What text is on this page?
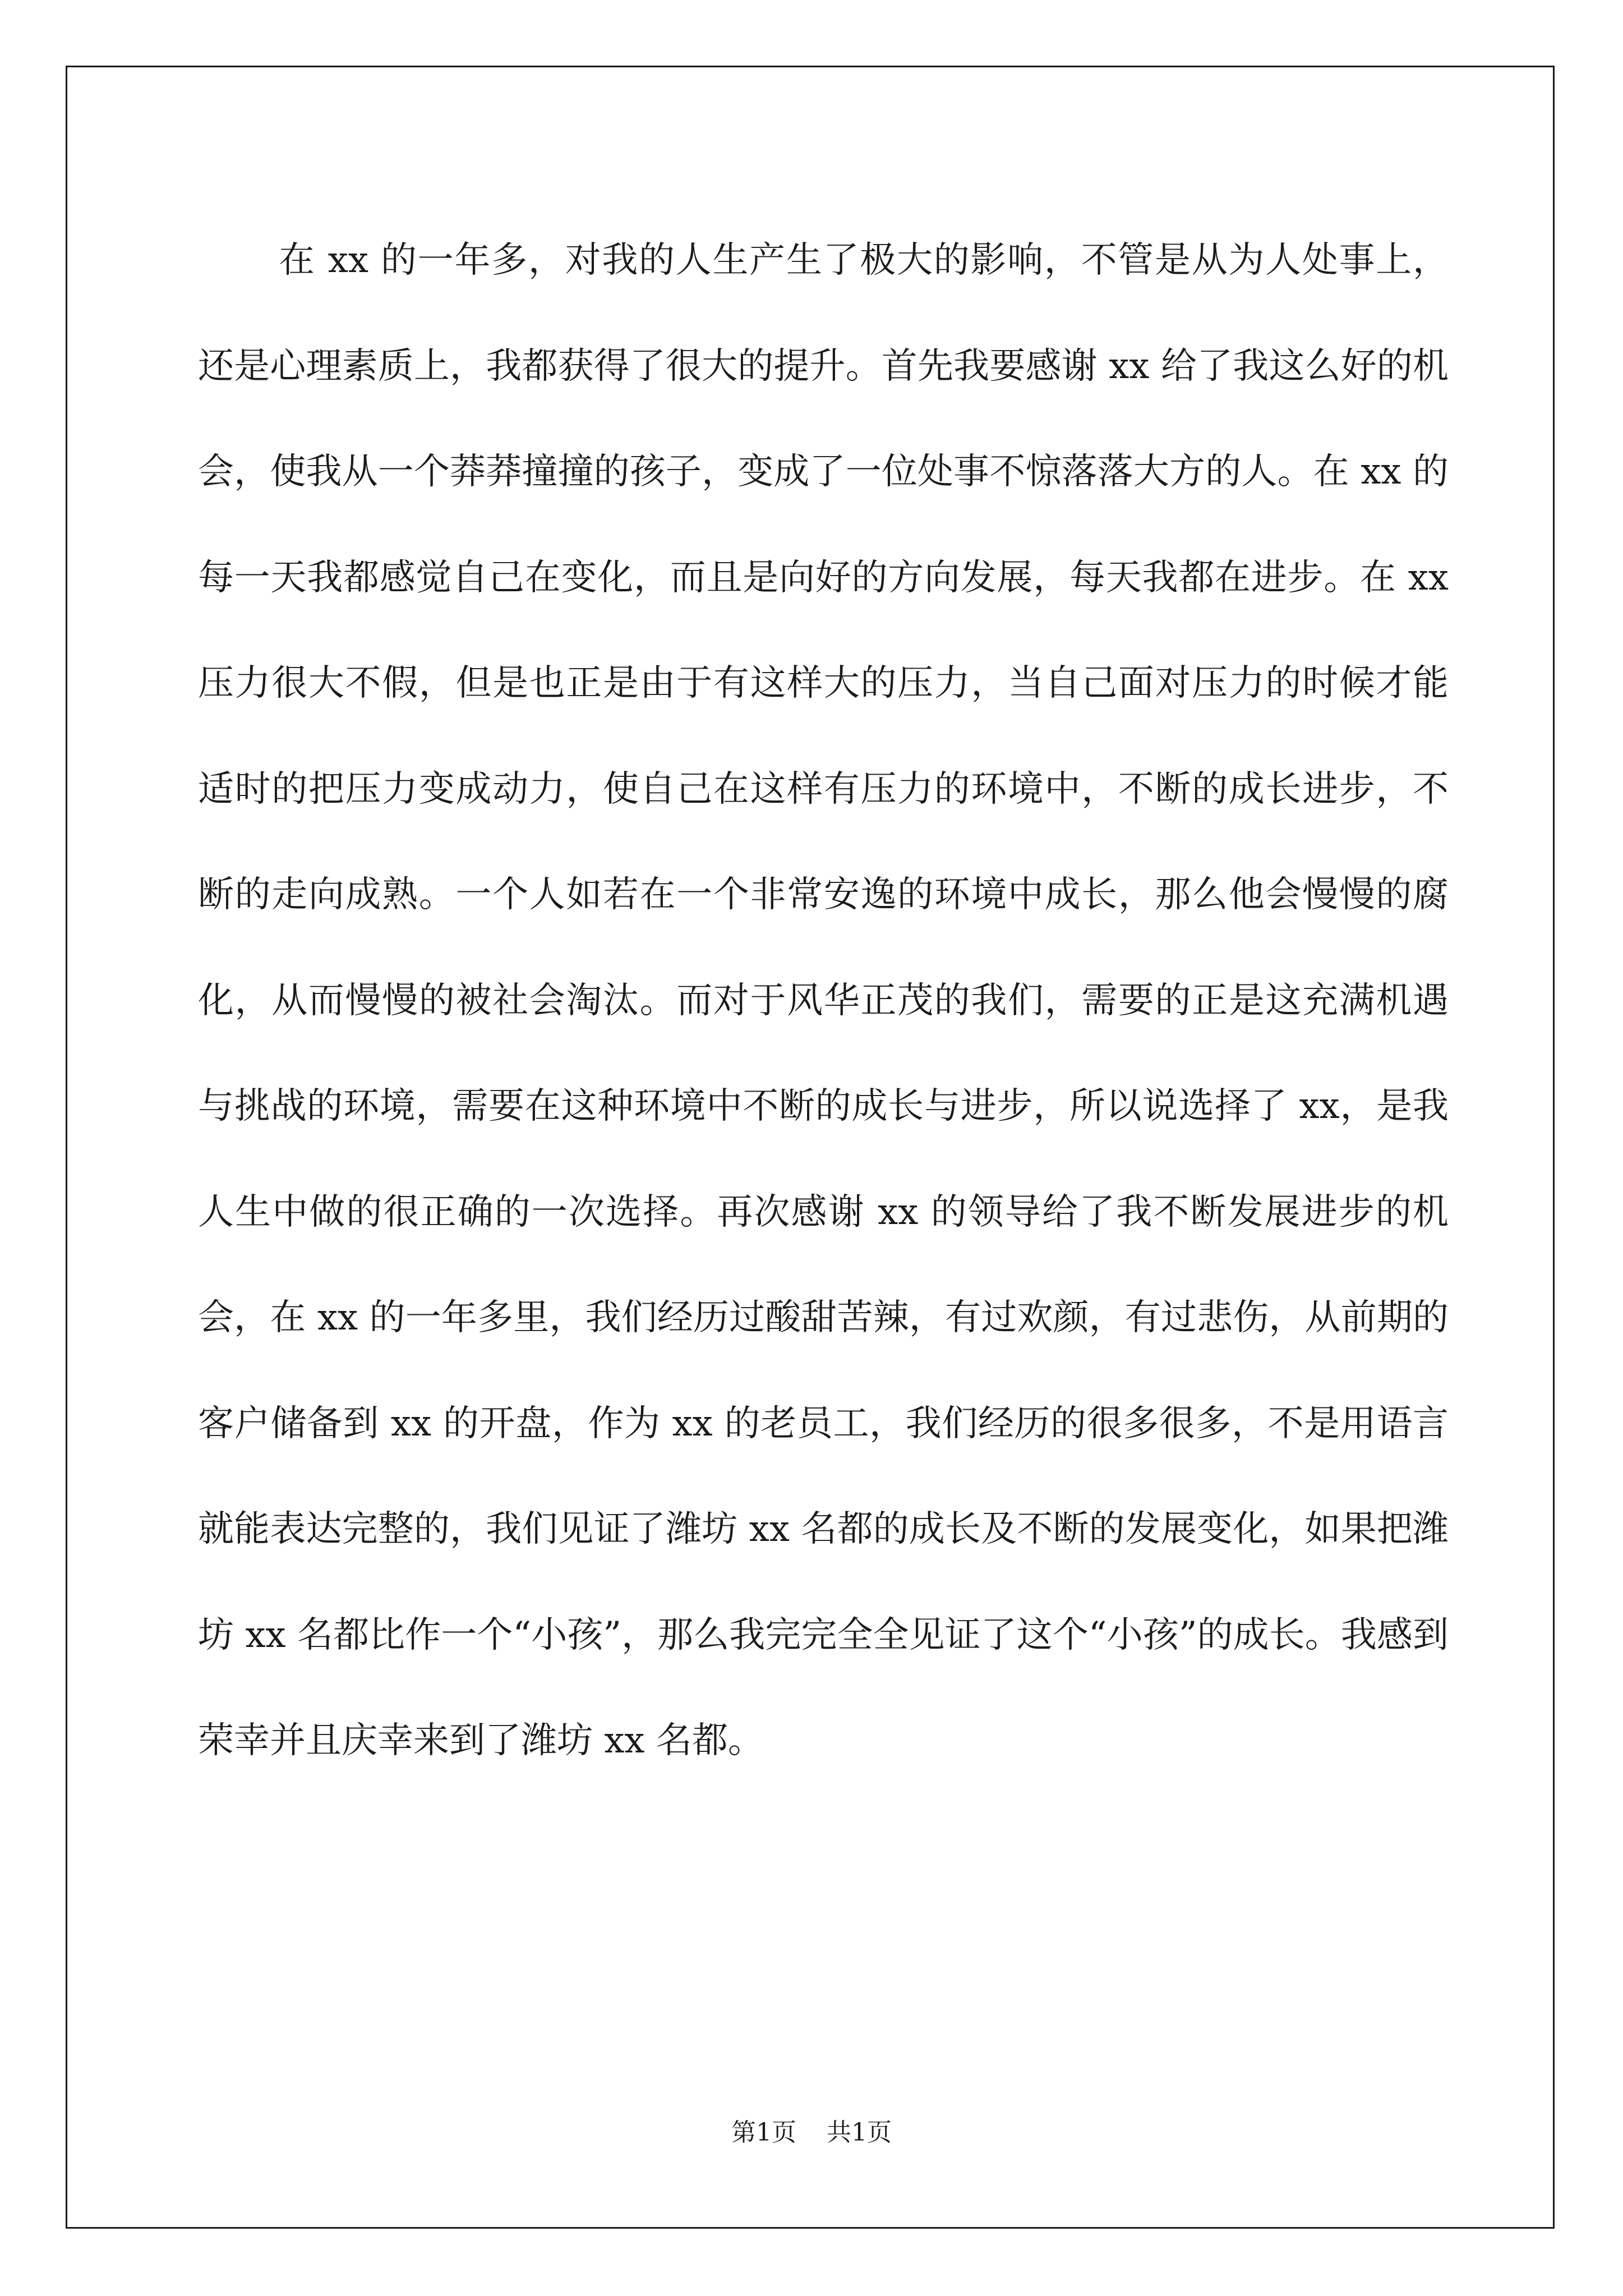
在 xx 的一年多，对我的人生产生了极大的影响，不管是从为人处事上，还是心理素质上，我都获得了很大的提升。首先我要感谢 xx 给了我这么好的机会，使我从一个莽莽撞撞的孩子，变成了一位处事不惊落落大方的人。在 xx 的每一天我都感觉自己在变化，而且是向好的方向发展，每天我都在进步。在 xx 压力很大不假，但是也正是由于有这样大的压力，当自己面对压力的时候才能适时的把压力变成动力，使自己在这样有压力的环境中，不断的成长进步，不断的走向成熟。一个人如若在一个非常安逸的环境中成长，那么他会慢慢的腐化，从而慢慢的被社会淘汰。而对于风华正茂的我们，需要的正是这充满机遇与挑战的环境，需要在这种环境中不断的成长与进步，所以说选择了 xx，是我人生中做的很正确的一次选择。再次感谢 xx 的领导给了我不断发展进步的机会，在 xx 的一年多里，我们经历过酸甜苦辣，有过欢颜，有过悲伤，从前期的客户储备到 xx 的开盘，作为 xx 的老员工，我们经历的很多很多，不是用语言就能表达完整的，我们见证了潍坊 xx 名都的成长及不断的发展变化，如果把潍坊 xx 名都比作一个“小孩”，那么我完完全全见证了这个“小孩”的成长。我感到荣幸并且庆幸来到了潍坊 xx 名都。

第1页 共1页
